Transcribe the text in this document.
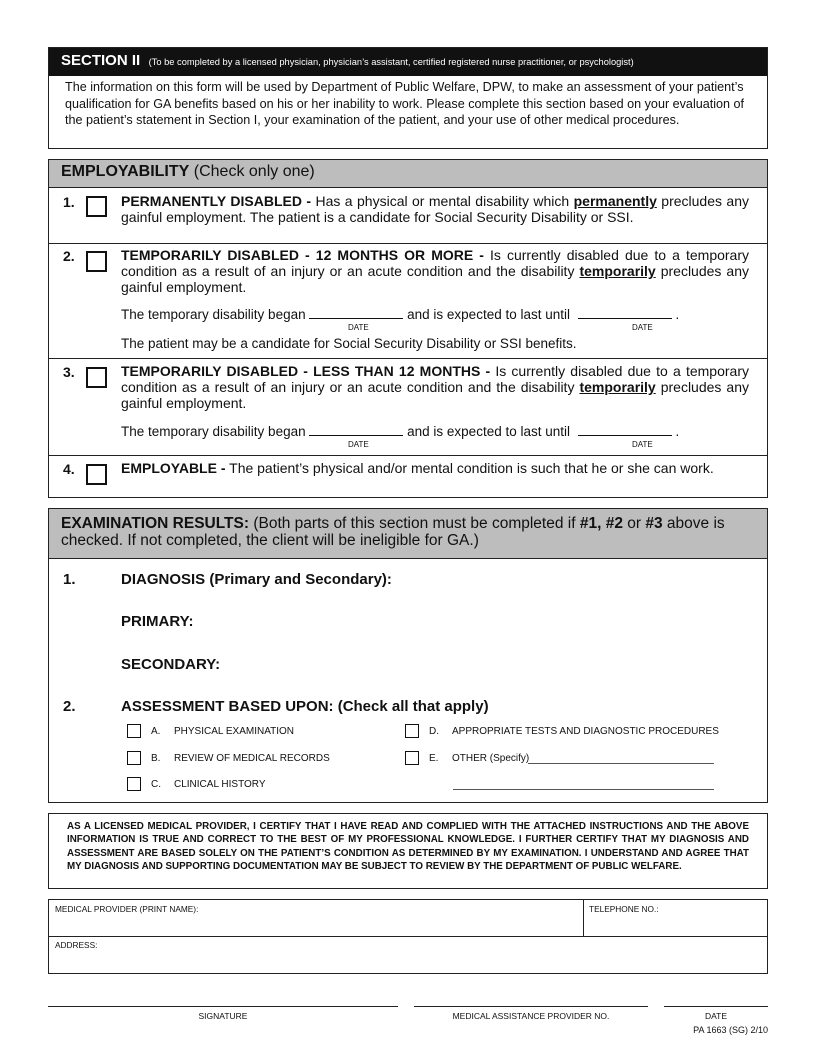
SECTION II (To be completed by a licensed physician, physician’s assistant, certified registered nurse practitioner, or psychologist)
The information on this form will be used by Department of Public Welfare, DPW, to make an assessment of your patient’s qualification for GA benefits based on his or her inability to work. Please complete this section based on your evaluation of the patient’s statement in Section I, your examination of the patient, and your use of other medical procedures.
EMPLOYABILITY (Check only one)
1.	PERMANENTLY DISABLED - Has a physical or mental disability which permanently precludes any gainful employment. The patient is a candidate for Social Security Disability or SSI.
2.	TEMPORARILY DISABLED - 12 MONTHS OR MORE - Is currently disabled due to a temporary condition as a result of an injury or an acute condition and the disability temporarily precludes any gainful employment.
The temporary disability began	and is expected to last until	.
DATE	DATE
The patient may be a candidate for Social Security Disability or SSI benefits.
3.	TEMPORARILY DISABLED - LESS THAN 12 MONTHS - Is currently disabled due to a temporary condition as a result of an injury or an acute condition and the disability temporarily precludes any gainful employment.
The temporary disability began	and is expected to last until	.
DATE	DATE
4.	EMPLOYABLE - The patient’s physical and/or mental condition is such that he or she can work.
EXAMINATION RESULTS: (Both parts of this section must be completed if #1, #2 or #3 above is checked. If not completed, the client will be ineligible for GA.)
1.	DIAGNOSIS (Primary and Secondary):
PRIMARY:
SECONDARY:
2.	ASSESSMENT BASED UPON: (Check all that apply)
A.	PHYSICAL EXAMINATION
B.	REVIEW OF MEDICAL RECORDS
C.	CLINICAL HISTORY
D.	APPROPRIATE TESTS AND DIAGNOSTIC PROCEDURES
E.	OTHER (Specify)
AS A LICENSED MEDICAL PROVIDER, I CERTIFY THAT I HAVE READ AND COMPLIED WITH THE ATTACHED INSTRUCTIONS AND THE ABOVE INFORMATION IS TRUE AND CORRECT TO THE BEST OF MY PROFESSIONAL KNOWLEDGE. I FURTHER CERTIFY THAT MY DIAGNOSIS AND ASSESSMENT ARE BASED SOLELY ON THE PATIENT’S CONDITION AS DETERMINED BY MY EXAMINATION. I UNDERSTAND AND AGREE THAT MY DIAGNOSIS AND SUPPORTING DOCUMENTATION MAY BE SUBJECT TO REVIEW BY THE DEPARTMENT OF PUBLIC WELFARE.
MEDICAL PROVIDER (PRINT NAME):	TELEPHONE NO.:
ADDRESS:
SIGNATURE	MEDICAL ASSISTANCE PROVIDER NO.	DATE
PA 1663 (SG) 2/10
